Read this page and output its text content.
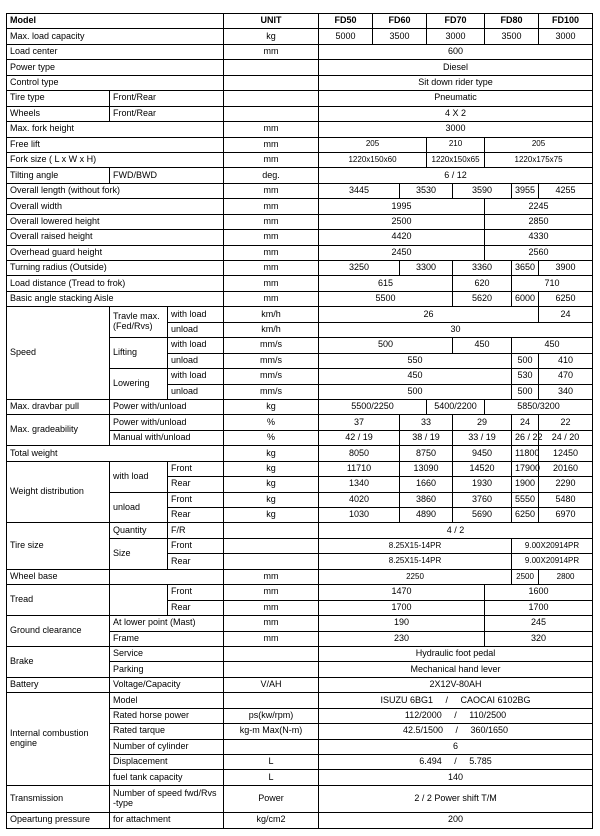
Model			UNIT	FD50	FD60		FD70		FD80		FD100	
Max. load capacity			kg	5000	3500		3000		3500		3000	
Load center			mm	600								
Power type				Diesel								
Control type				Sit down rider type								
Tire type	Front/Rear			Pneumatic								
Wheels	Front/Rear			4 X 2								
Max. fork height			mm	3000								
Free lift			mm	205			210		205			
Fork size ( L x W x H)			mm	1220x150x60			1220x150x65		1220x175x75			
Tilting angle	FWD/BWD		deg.	6 / 12								
Overall length (without fork)			mm	3445		3530		3590		3955	4255	
Overall width			mm	1995					2245			
Overall lowered height			mm	2500					2850			
Overall raised height			mm	4420					4330			
Overhead guard height			mm	2450					2560			
Turning radius (Outside)			mm	3250		3300		3360		3650	3900	
Load distance (Tread to frok)			mm	615				620		710		
Basic angle stacking Aisle			mm	5500				5620		6000	6250	
Speed	Travle max. (Fed/Rvs)	with load	km/h	26							24	
		unload	km/h	30								
	Lifting	with load	mm/s	500				450		450	
		unload	mm/s	550						500	410	
	Lowering	with load	mm/s	450						530	470	
		unload	mm/s	500						500	340	
Max. dravbar pull	Power with/unload		kg	5500/2250			5400/2200		5850/3200			
Max. gradeability	Power with/unload		%	37		33		29		24	22	
	Manual with/unload		%	42 / 19		38 / 19		33 / 19		26 / 22	24 / 20	
Total weight			kg	8050		8750		9450		11800	12450	
Weight distribution	with load	Front	kg	11710		13090		14520		17900	20160	
		Rear	kg	1340		1660		1930		1900	2290	
	unload	Front	kg	4020		3860		3760		5550	5480	
		Rear	kg	1030		4890		5690		6250	6970	
Tire size	Quantity	F/R		4 / 2								
	Size	Front		8.25X15-14PR						9.00X20914PR		
		Rear		8.25X15-14PR						9.00X20914PR		
Wheel base			mm	2250						2500	2800	
Tread		Front	mm	1470					1600			
		Rear	mm	1700					1700			
Ground clearance	At lower point (Mast)		mm	190					245			
	Frame		mm	230					320			
Brake	Service			Hydraulic foot pedal								
	Parking			Mechanical hand lever								
Battery	Voltage/Capacity		V/AH	2X12V-80AH								
Internal combustion engine	Model			ISUZU 6BG1     /     CAOCAI 6102BG								
	Rated horse power		ps(kw/rpm)	112/2000     /     110/2500								
	Rated tarque		kg-m Max(N-m)	42.5/1500     /     360/1650								
	Number of cylinder			6								
	Displacement		L	6.494     /     5.785								
	fuel tank capacity		L	140								
Transmission	Number of speed fwd/Rvs -type		Power	2 / 2 Power shift T/M								
Opeartung pressure	for attachment		kg/cm2	200								
